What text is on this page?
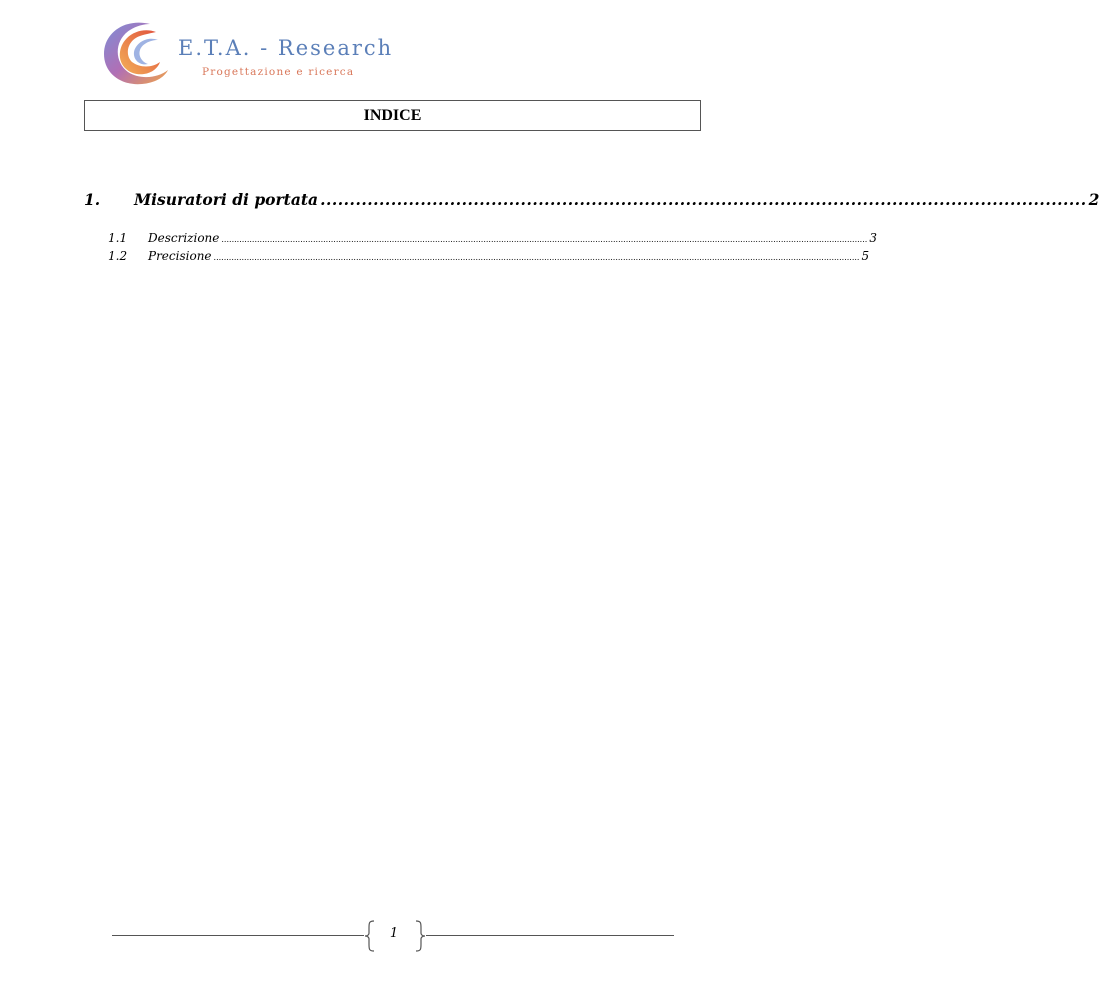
E.T.A. - Research
Progettazione e ricerca
INDICE
1.	Misuratori di portata .................................................................................................................................. 2
1.1	Descrizione .............................................................................................................................................................................................................................................................. 3
1.2	Precisione .............................................................................................................................................................................................................................................................. 5
1
